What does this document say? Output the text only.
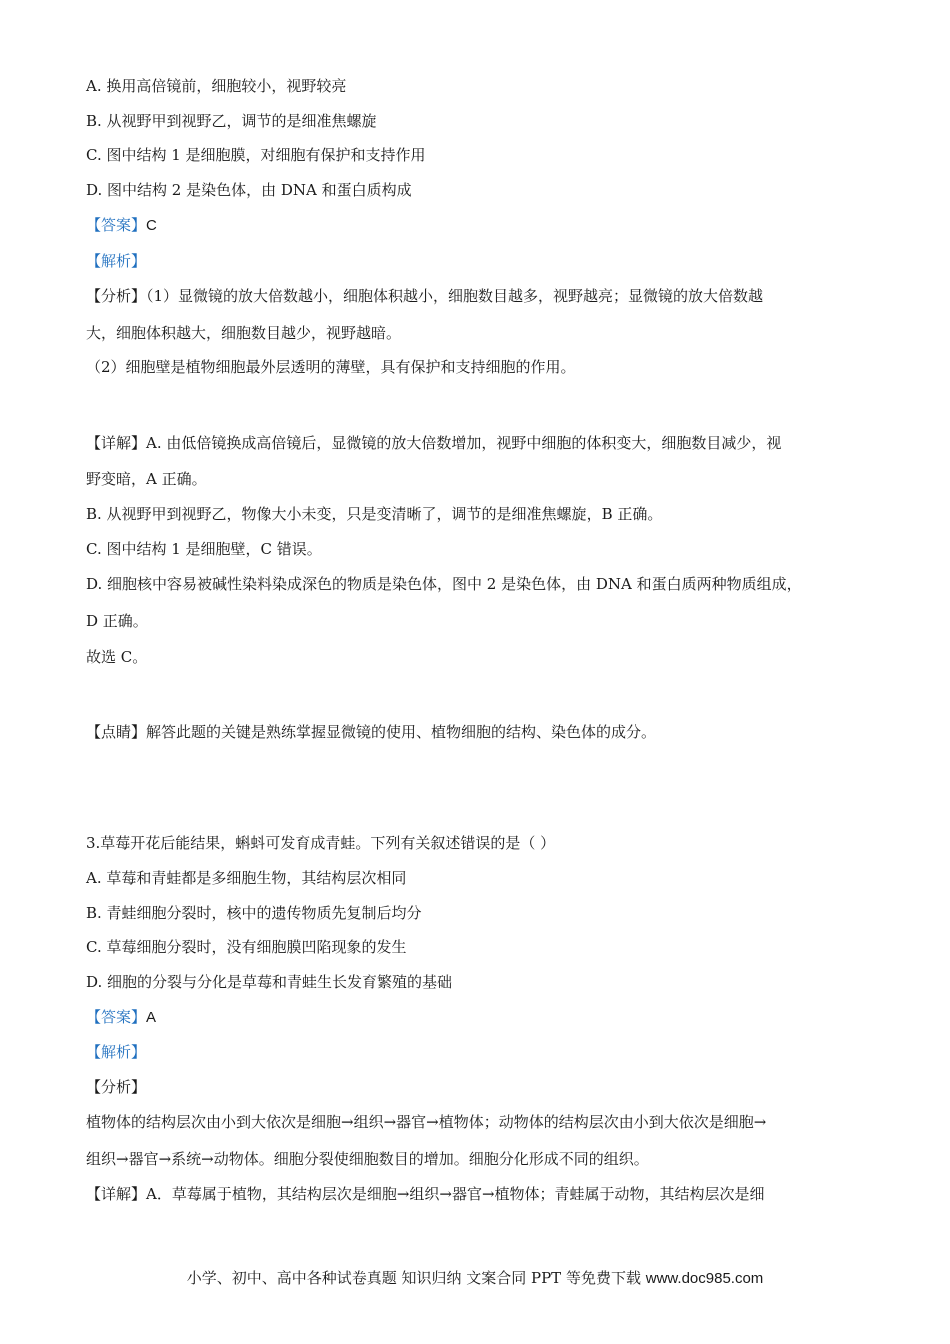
A. 换用高倍镜前，细胞较小，视野较亮
B. 从视野甲到视野乙，调节的是细准焦螺旋
C. 图中结构 1 是细胞膜，对细胞有保护和支持作用
D. 图中结构 2 是染色体，由 DNA 和蛋白质构成
【答案】C
【解析】
【分析】（1）显微镜的放大倍数越小，细胞体积越小，细胞数目越多，视野越亮；显微镜的放大倍数越
大，细胞体积越大，细胞数目越少，视野越暗。
（2）细胞壁是植物细胞最外层透明的薄壁，具有保护和支持细胞的作用。
【详解】A. 由低倍镜换成高倍镜后，显微镜的放大倍数增加，视野中细胞的体积变大，细胞数目减少，视
野变暗，A 正确。
B. 从视野甲到视野乙，物像大小未变，只是变清晰了，调节的是细准焦螺旋，B 正确。
C. 图中结构 1 是细胞壁，C 错误。
D. 细胞核中容易被碱性染料染成深色的物质是染色体，图中 2 是染色体，由 DNA 和蛋白质两种物质组成，
D 正确。
故选 C。
【点睛】解答此题的关键是熟练掌握显微镜的使用、植物细胞的结构、染色体的成分。
3.草莓开花后能结果，蝌蚪可发育成青蛙。下列有关叙述错误的是（ ）
A. 草莓和青蛙都是多细胞生物，其结构层次相同
B. 青蛙细胞分裂时，核中的遗传物质先复制后均分
C. 草莓细胞分裂时，没有细胞膜凹陷现象的发生
D. 细胞的分裂与分化是草莓和青蛙生长发育繁殖的基础
【答案】A
【解析】
【分析】
植物体的结构层次由小到大依次是细胞→组织→器官→植物体；动物体的结构层次由小到大依次是细胞→
组织→器官→系统→动物体。细胞分裂使细胞数目的增加。细胞分化形成不同的组织。
【详解】A．草莓属于植物，其结构层次是细胞→组织→器官→植物体；青蛙属于动物，其结构层次是细
小学、初中、高中各种试卷真题 知识归纳 文案合同 PPT 等免费下载 www.doc985.com
